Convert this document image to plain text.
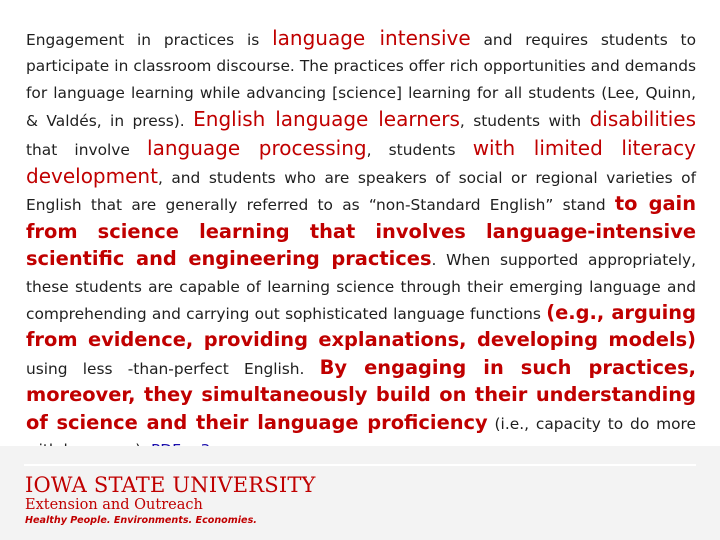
Engagement in practices is language intensive and requires students to participate in classroom discourse. The practices offer rich opportunities and demands for language learning while advancing [science] learning for all students (Lee, Quinn, & Valdés, in press). English language learners, students with disabilities that involve language processing, students with limited literacy development, and students who are speakers of social or regional varieties of English that are generally referred to as “non-Standard English” stand to gain from science learning that involves language-intensive scientific and engineering practices. When supported appropriately, these students are capable of learning science through their emerging language and comprehending and carrying out sophisticated language functions (e.g., arguing from evidence, providing explanations, developing models) using less -than-perfect English. By engaging in such practices, moreover, they simultaneously build on their understanding of science and their language proficiency (i.e., capacity to do more
IOWA STATE UNIVERSITY
Extension and Outreach
Healthy People. Environments. Economies.
